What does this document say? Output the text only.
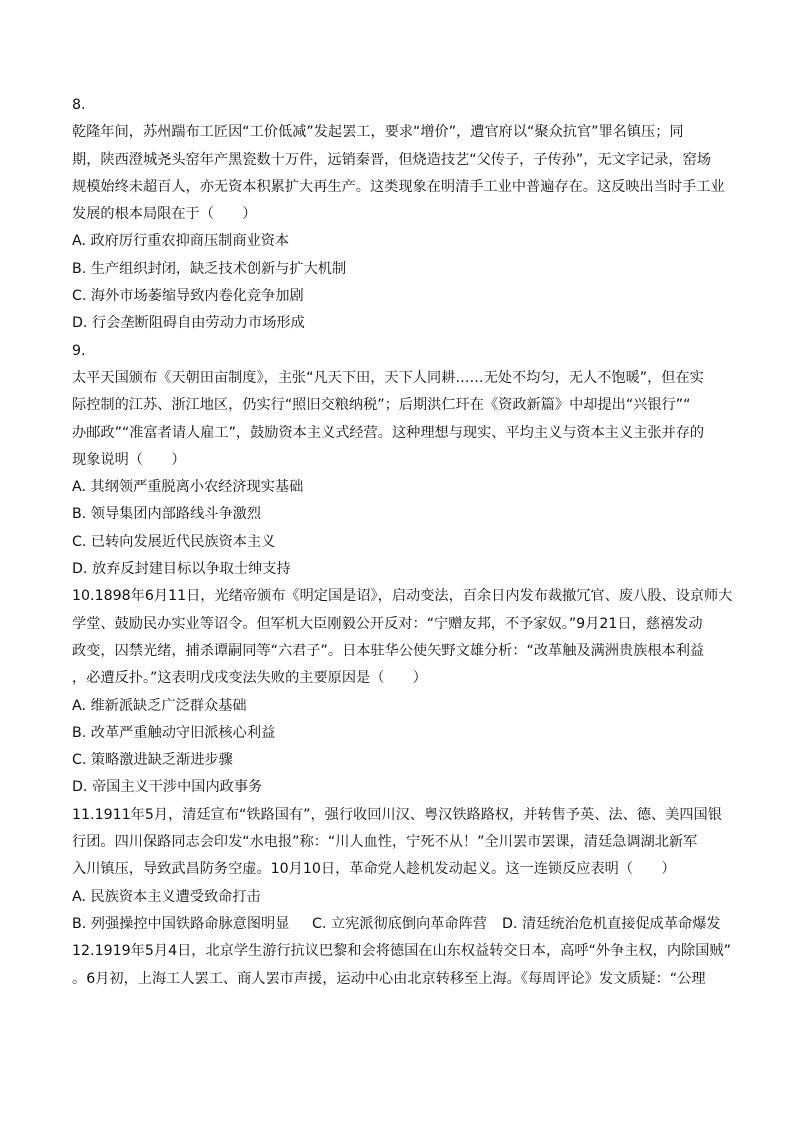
8.
乾隆年间，苏州踹布工匠因“工价低减”发起罢工，要求“增价”，遭官府以“聚众抗官”罪名镇压；同
期，陕西澄城尧头窑年产黑瓷数十万件，远销秦晋，但烧造技艺“父传子，子传孙”，无文字记录，窑场
规模始终未超百人，亦无资本积累扩大再生产。这类现象在明清手工业中普遍存在。这反映出当时手工业
发展的根本局限在于（　　）
A. 政府厉行重农抑商压制商业资本
B. 生产组织封闭，缺乏技术创新与扩大机制
C. 海外市场萎缩导致内卷化竞争加剧
D. 行会垄断阻碍自由劳动力市场形成
9.
太平天国颁布《天朝田亩制度》，主张“凡天下田，天下人同耕……无处不均匀，无人不饱暖”，但在实
际控制的江苏、浙江地区，仍实行“照旧交粮纳税”；后期洪仁玕在《资政新篇》中却提出“兴银行”“
办邮政”“准富者请人雇工”，鼓励资本主义式经营。这种理想与现实、平均主义与资本主义主张并存的
现象说明（　　）
A. 其纲领严重脱离小农经济现实基础
B. 领导集团内部路线斗争激烈
C. 已转向发展近代民族资本主义
D. 放弃反封建目标以争取士绅支持
10.1898年6月11日，光绪帝颁布《明定国是诏》，启动变法，百余日内发布裁撤冗官、废八股、设京师大
学堂、鼓励民办实业等诏令。但军机大臣刚毅公开反对：“宁赠友邦，不予家奴。”9月21日，慈禧发动
政变，囚禁光绪，捕杀谭嗣同等“六君子”。日本驻华公使矢野文雄分析：“改革触及满洲贵族根本利益
，必遭反扑。”这表明戊戌变法失败的主要原因是（　　）
A. 维新派缺乏广泛群众基础
B. 改革严重触动守旧派核心利益
C. 策略激进缺乏渐进步骤
D. 帝国主义干涉中国内政事务
11.1911年5月，清廷宣布“铁路国有”，强行收回川汉、粤汉铁路路权，并转售予英、法、德、美四国银
行团。四川保路同志会印发“水电报”称：“川人血性，宁死不从！”全川罢市罢课，清廷急调湖北新军
入川镇压，导致武昌防务空虚。10月10日，革命党人趁机发动起义。这一连锁反应表明（　　）
A. 民族资本主义遭受致命打击
B. 列强操控中国铁路命脉意图明显	C. 立宪派彻底倒向革命阵营	D. 清廷统治危机直接促成革命爆发
12.1919年5月4日，北京学生游行抗议巴黎和会将德国在山东权益转交日本，高呼“外争主权，内除国贼”
。6月初，上海工人罢工、商人罢市声援，运动中心由北京转移至上海。《每周评论》发文质疑：“公理
